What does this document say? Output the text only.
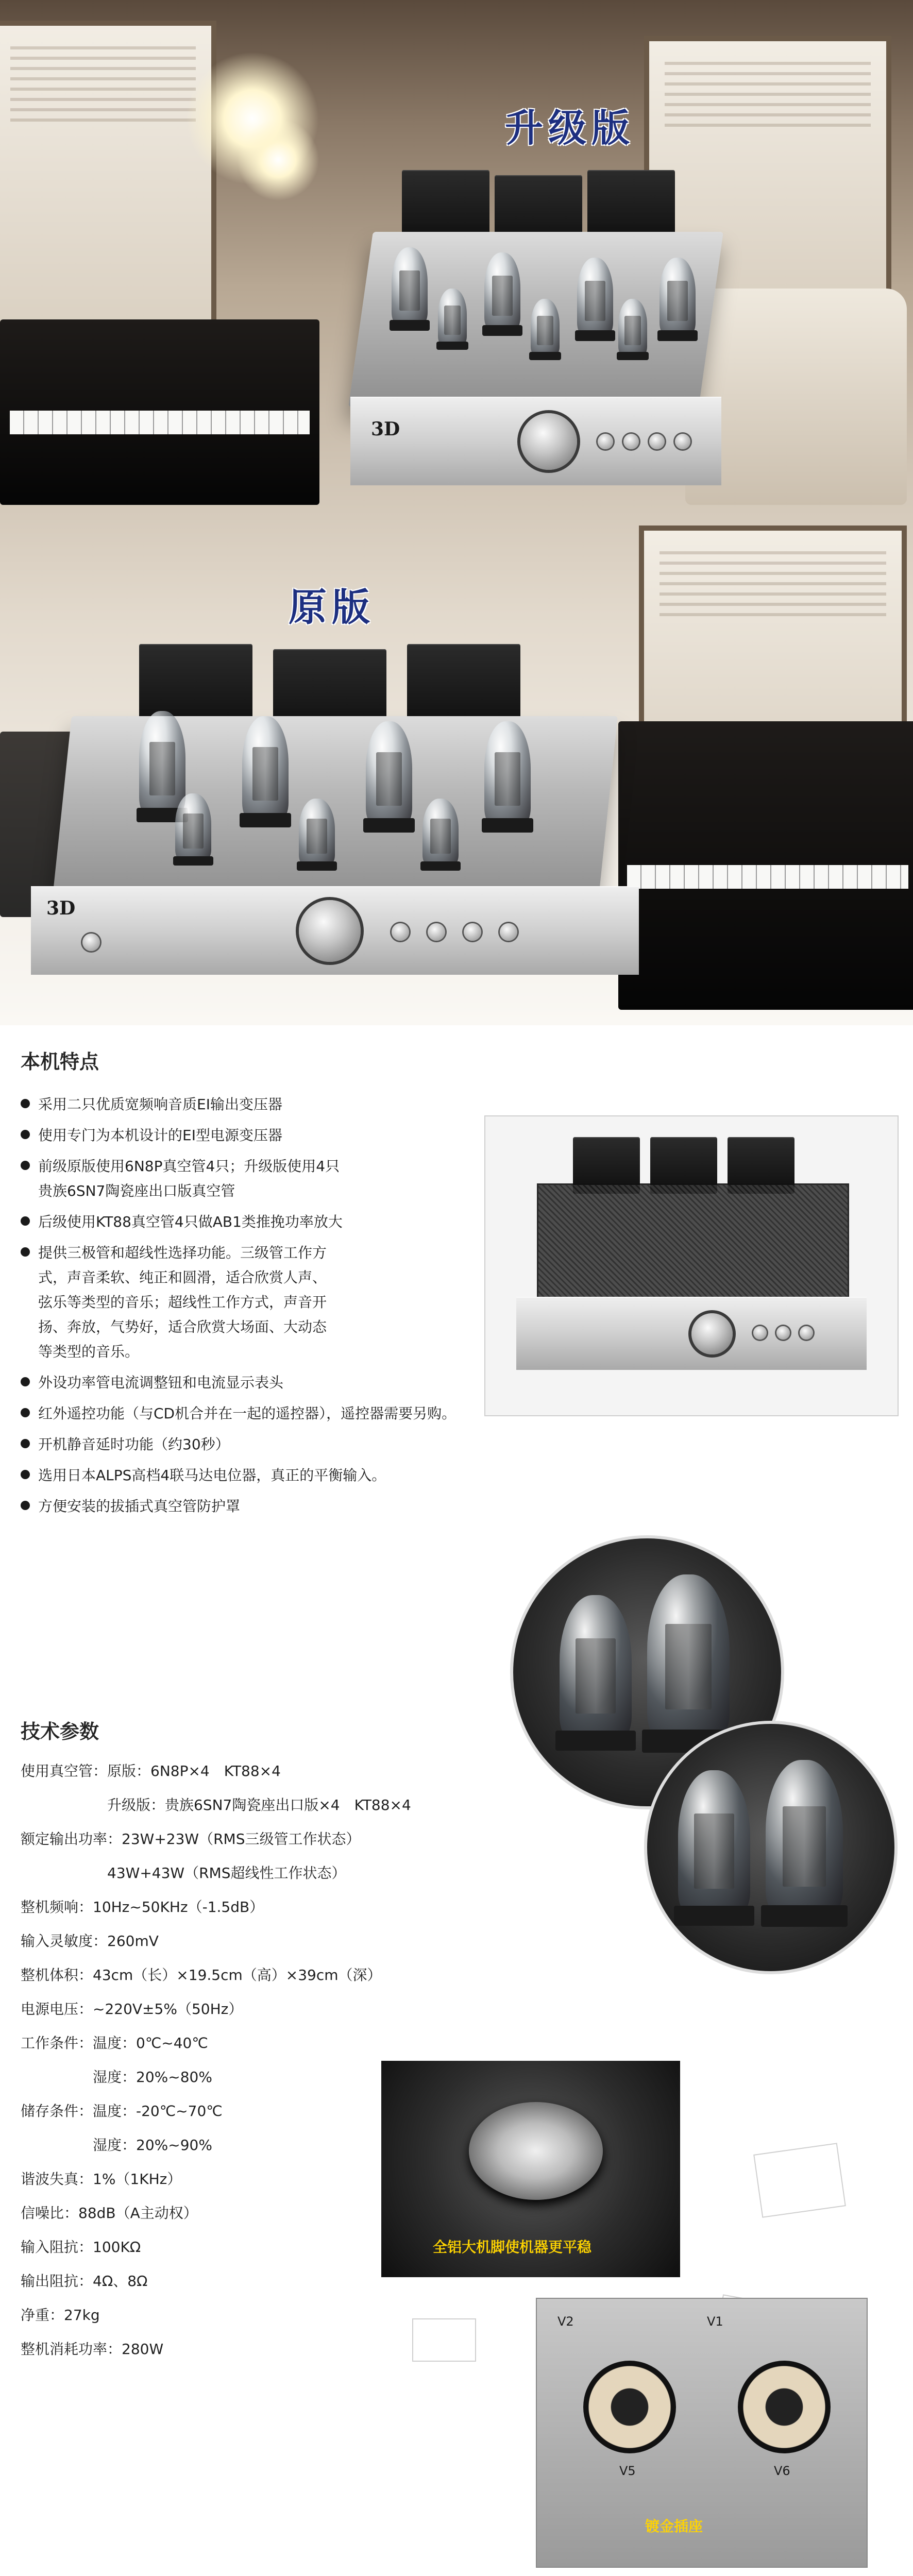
升级版
3D
原版
3D
本机特点
采用二只优质宽频响音质EI输出变压器
使用专门为本机设计的EI型电源变压器
前级原版使用6N8P真空管4只；升级版使用4只
贵族6SN7陶瓷座出口版真空管
后级使用KT88真空管4只做AB1类推挽功率放大
提供三极管和超线性选择功能。三级管工作方
式，声音柔软、纯正和圆滑，适合欣赏人声、
弦乐等类型的音乐；超线性工作方式，声音开
扬、奔放，气势好，适合欣赏大场面、大动态
等类型的音乐。
外设功率管电流调整钮和电流显示表头
红外遥控功能（与CD机合并在一起的遥控器），遥控器需要另购。
开机静音延时功能（约30秒）
选用日本ALPS高档4联马达电位器，真正的平衡输入。
方便安装的拔插式真空管防护罩
技术参数
使用真空管：原版：6N8P×4　KT88×4
　　　　　　升级版：贵族6SN7陶瓷座出口版×4　KT88×4
额定输出功率：23W+23W（RMS三级管工作状态）
　　　　　　43W+43W（RMS超线性工作状态）
整机频响：10Hz~50KHz（-1.5dB）
输入灵敏度：260mV
整机体积：43cm（长）×19.5cm（高）×39cm（深）
电源电压：~220V±5%（50Hz）
工作条件：温度：0℃~40℃
　　　　　湿度：20%~80%
储存条件：温度：-20℃~70℃
　　　　　湿度：20%~90%
谐波失真：1%（1KHz）
信噪比：88dB（A主动权）
输入阻抗：100KΩ
输出阻抗：4Ω、8Ω
净重：27kg
整机消耗功率：280W
全铝大机脚使机器更平稳
V2	V1
V5	V6
镀金插座
